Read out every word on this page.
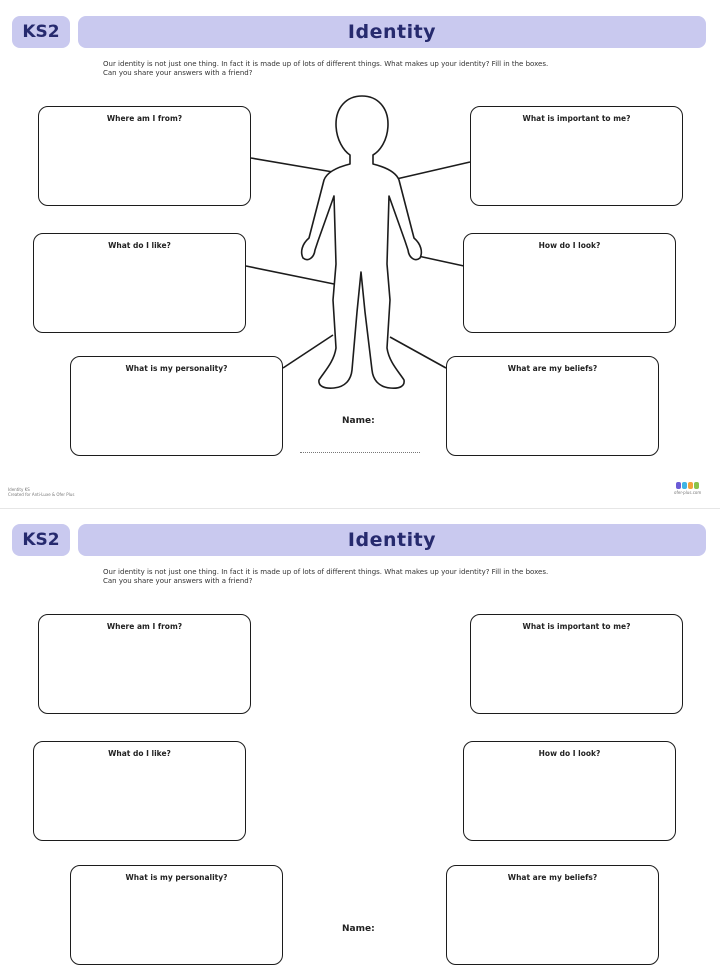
KS2	Identity
Our identity is not just one thing. In fact it is made up of lots of different things. What makes up your identity? Fill in the boxes.
Can you share your answers with a friend?
Where am I from?	What is important to me?
What do I like?	How do I look?
What is my personality?	What are my beliefs?
Name:
Identity KS
Created for Anti-Luxe & Ofer Plus	ofer-plus.com
KS2	Identity
Our identity is not just one thing. In fact it is made up of lots of different things. What makes up your identity? Fill in the boxes.
Can you share your answers with a friend?
Where am I from?	What is important to me?
What do I like?	How do I look?
What is my personality?	What are my beliefs?
Name:
